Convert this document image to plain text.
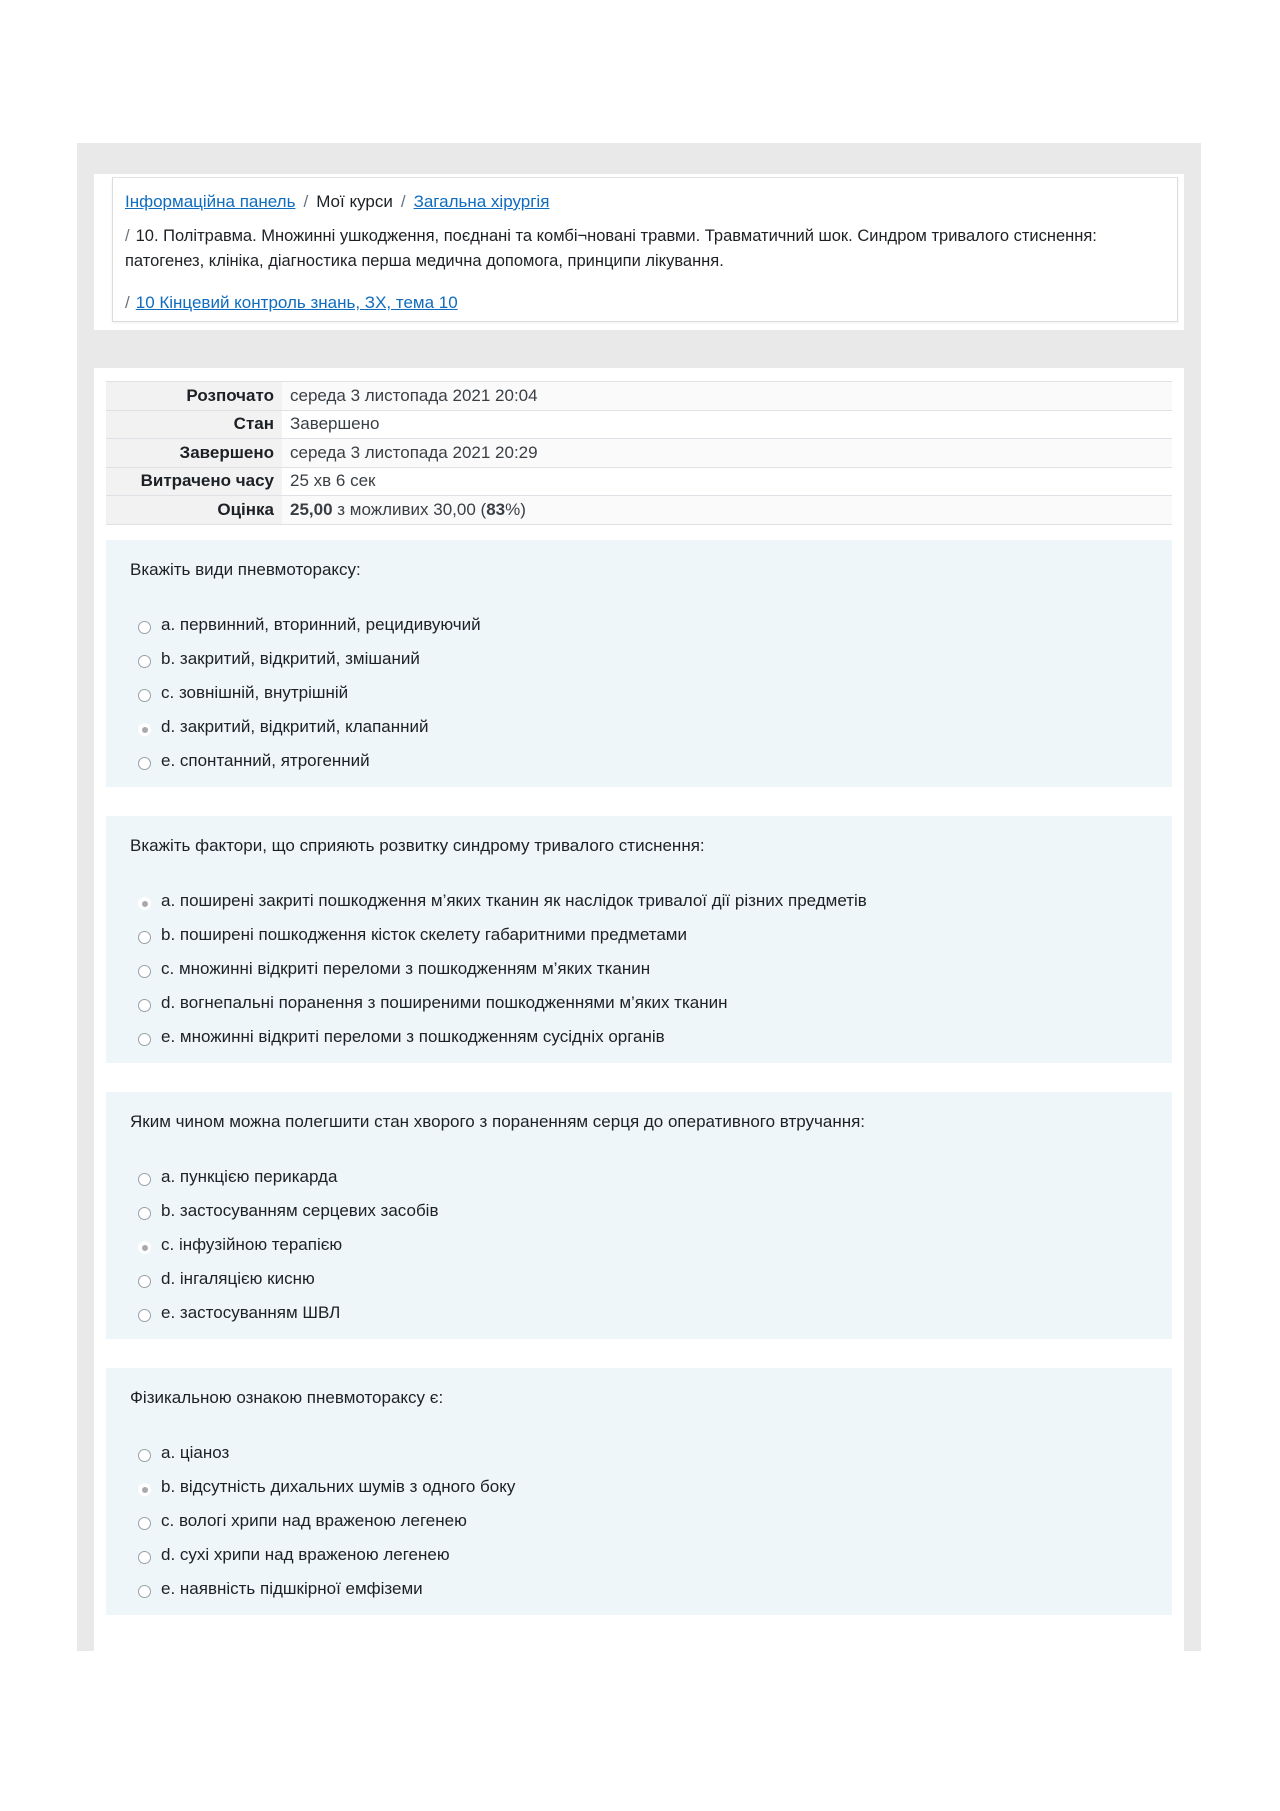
Інформаційна панель / Мої курси / Загальна хірургія
/ 10. Політравма. Множинні ушкодження, поєднані та комбі¬новані травми. Травматичний шок. Синдром тривалого стиснення: патогенез, клініка, діагностика перша медична допомога, принципи лікування.
/ 10 Кінцевий контроль знань, ЗХ, тема 10
Розпочато	середа 3 листопада 2021 20:04
Стан	Завершено
Завершено	середа 3 листопада 2021 20:29
Витрачено часу	25 хв 6 сек
Оцінка	25,00 з можливих 30,00 (83%)
Вкажіть види пневмотораксу:
a. первинний, вторинний, рецидивуючий
b. закритий, відкритий, змішаний
c. зовнішній, внутрішній
d. закритий, відкритий, клапанний
e. спонтанний, ятрогенний
Вкажіть фактори, що сприяють розвитку синдрому тривалого стиснення:
a. поширені закриті пошкодження м’яких тканин як наслідок тривалої дії різних предметів
b. поширені пошкодження кісток скелету габаритними предметами
c. множинні відкриті переломи з пошкодженням м’яких тканин
d. вогнепальні поранення з поширеними пошкодженнями м’яких тканин
e. множинні відкриті переломи з пошкодженням сусідніх органів
Яким чином можна полегшити стан хворого з пораненням серця до оперативного втручання:
a. пункцією перикарда
b. застосуванням серцевих засобів
c. інфузійною терапією
d. інгаляцією кисню
e. застосуванням ШВЛ
Фізикальною ознакою пневмотораксу є:
a. ціаноз
b. відсутність дихальних шумів з одного боку
c. вологі хрипи над враженою легенею
d. сухі хрипи над враженою легенею
e. наявність підшкірної емфіземи
